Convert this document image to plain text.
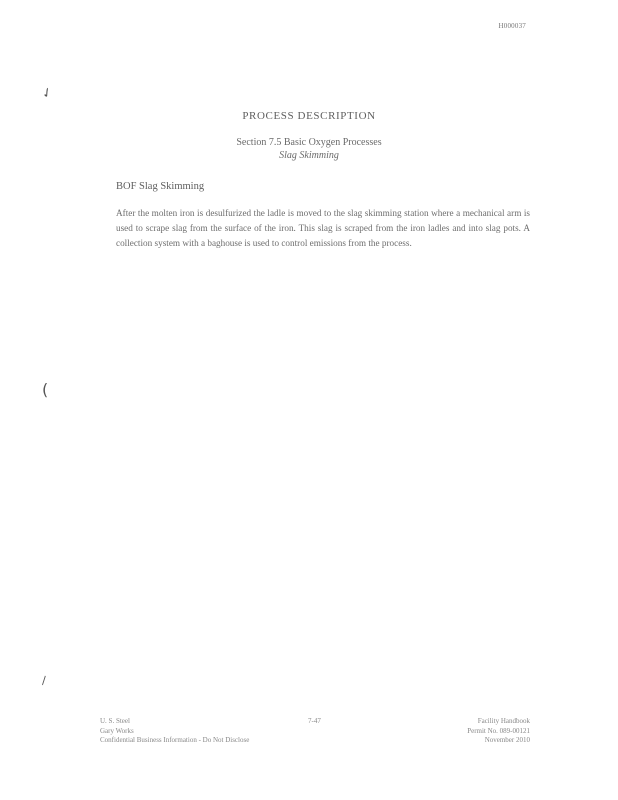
H000037
✓
(
\
PROCESS DESCRIPTION
Section 7.5 Basic Oxygen Processes
Slag Skimming
BOF Slag Skimming
After the molten iron is desulfurized the ladle is moved to the slag skimming station where a mechanical arm is used to scrape slag from the surface of the iron. This slag is scraped from the iron ladles and into slag pots. A collection system with a baghouse is used to control emissions from the process.
U. S. Steel
Gary Works
Confidential Business Information - Do Not Disclose
7-47	Facility Handbook
Permit No. 089-00121
November 2010
